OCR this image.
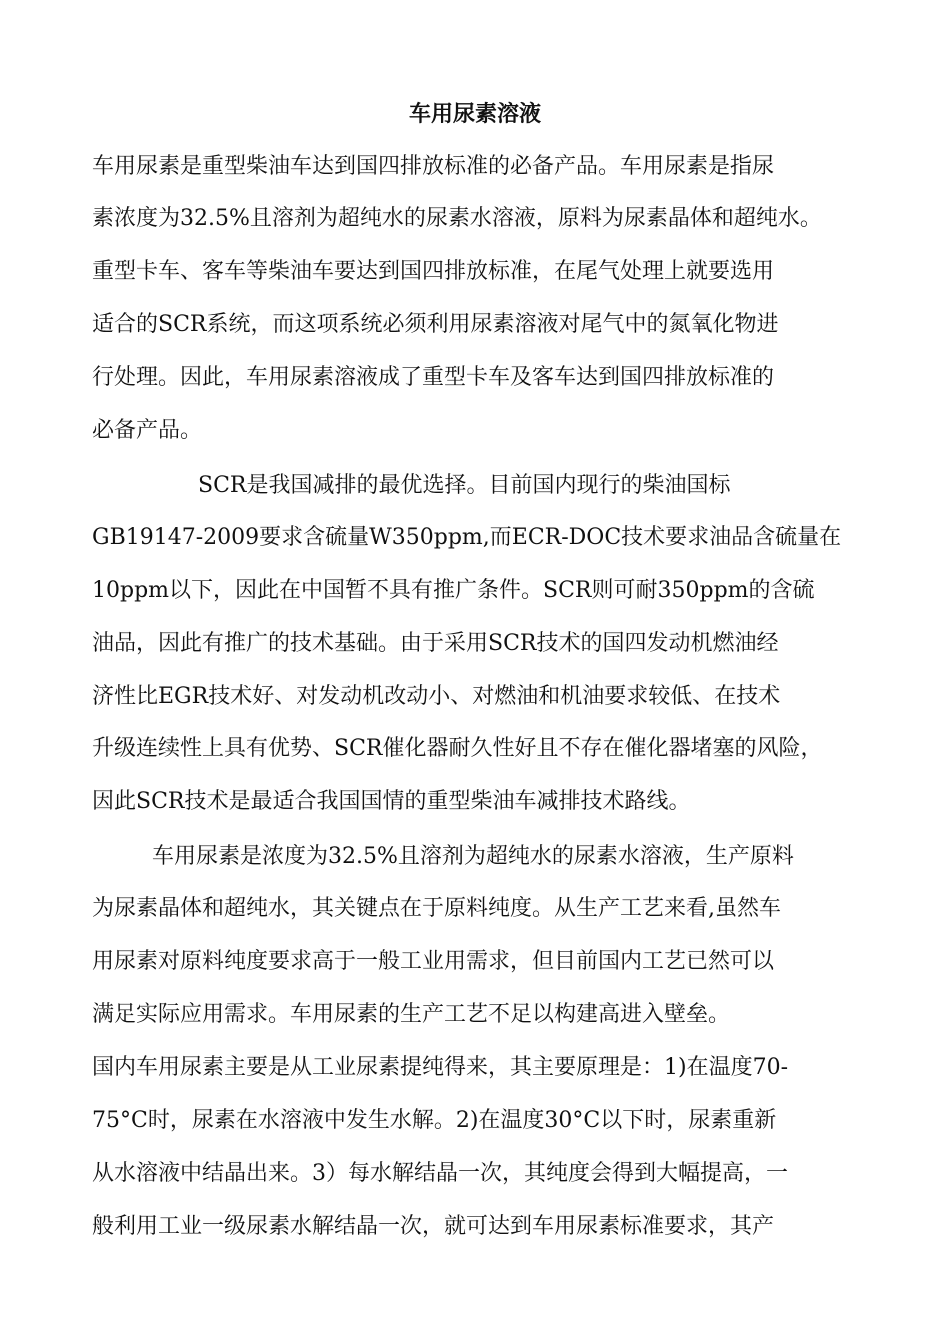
车用尿素溶液
车用尿素是重型柴油车达到国四排放标准的必备产品。车用尿素是指尿
素浓度为32.5%且溶剂为超纯水的尿素水溶液，原料为尿素晶体和超纯水。
重型卡车、客车等柴油车要达到国四排放标准，在尾气处理上就要选用
适合的SCR系统，而这项系统必须利用尿素溶液对尾气中的氮氧化物进
行处理。因此，车用尿素溶液成了重型卡车及客车达到国四排放标准的
必备产品。
SCR是我国减排的最优选择。目前国内现行的柴油国标
GB19147-2009要求含硫量W350ppm,而ECR-DOC技术要求油品含硫量在
10ppm以下，因此在中国暂不具有推广条件。SCR则可耐350ppm的含硫
油品，因此有推广的技术基础。由于采用SCR技术的国四发动机燃油经
济性比EGR技术好、对发动机改动小、对燃油和机油要求较低、在技术
升级连续性上具有优势、SCR催化器耐久性好且不存在催化器堵塞的风险，
因此SCR技术是最适合我国国情的重型柴油车减排技术路线。
车用尿素是浓度为32.5%且溶剂为超纯水的尿素水溶液，生产原料
为尿素晶体和超纯水，其关键点在于原料纯度。从生产工艺来看,虽然车
用尿素对原料纯度要求高于一般工业用需求，但目前国内工艺已然可以
满足实际应用需求。车用尿素的生产工艺不足以构建高进入壁垒。
国内车用尿素主要是从工业尿素提纯得来，其主要原理是：1)在温度70-
75°C时，尿素在水溶液中发生水解。2)在温度30°C以下时，尿素重新
从水溶液中结晶出来。3）每水解结晶一次，其纯度会得到大幅提高，一
般利用工业一级尿素水解结晶一次，就可达到车用尿素标准要求，其产
